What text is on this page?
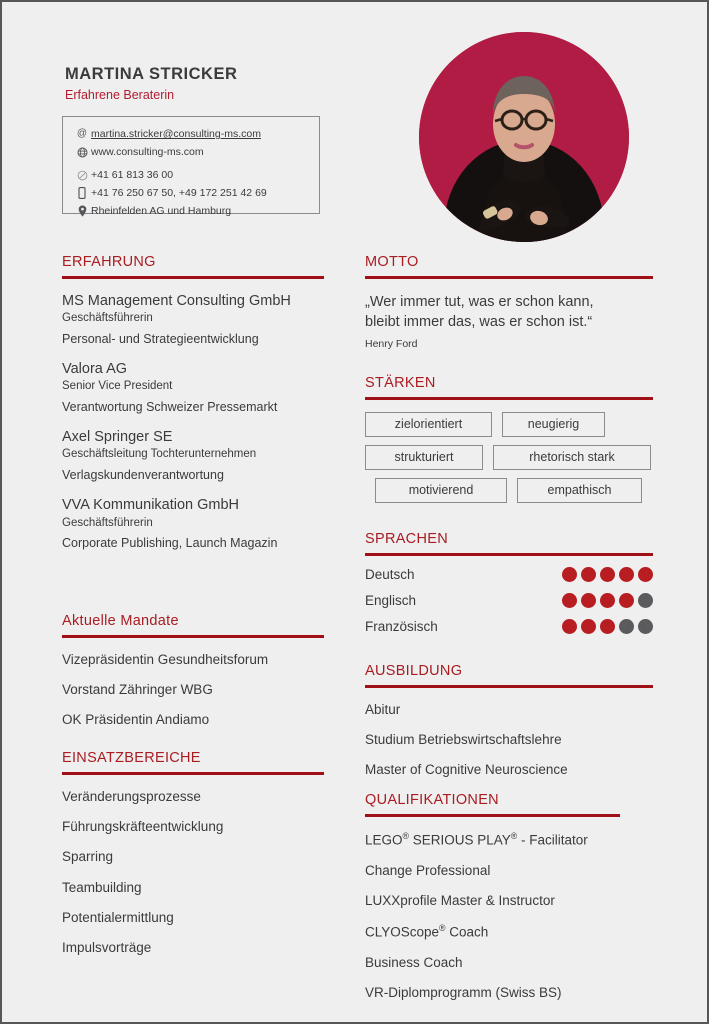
MARTINA STRICKER
Erfahrene Beraterin
@ martina.stricker@consulting-ms.com
www.consulting-ms.com
+41 61 813 36 00
+41 76 250 67 50, +49 172 251 42 69
Rheinfelden AG und Hamburg
ERFAHRUNG
MS Management Consulting GmbH
Geschäftsführerin
Personal- und Strategieentwicklung
Valora AG
Senior Vice President
Verantwortung Schweizer Pressemarkt
Axel Springer SE
Geschäftsleitung Tochterunternehmen
Verlagskundenverantwortung
VVA Kommunikation GmbH
Geschäftsführerin
Corporate Publishing, Launch Magazin
Aktuelle Mandate
Vizepräsidentin Gesundheitsforum
Vorstand Zähringer WBG
OK Präsidentin Andiamo
EINSATZBEREICHE
Veränderungsprozesse
Führungskräfteentwicklung
Sparring
Teambuilding
Potentialermittlung
Impulsvorträge
MOTTO
„Wer immer tut, was er schon kann,
bleibt immer das, was er schon ist.“
Henry Ford
STÄRKEN
zielorientiert	neugierig
strukturiert	rhetorisch stark
motivierend	empathisch
SPRACHEN
Deutsch
Englisch
Französisch
AUSBILDUNG
Abitur
Studium Betriebswirtschaftslehre
Master of Cognitive Neuroscience
QUALIFIKATIONEN
LEGO® SERIOUS PLAY® - Facilitator
Change Professional
LUXXprofile Master & Instructor
CLYOScope® Coach
Business Coach
VR-Diplomprogramm (Swiss BS)
